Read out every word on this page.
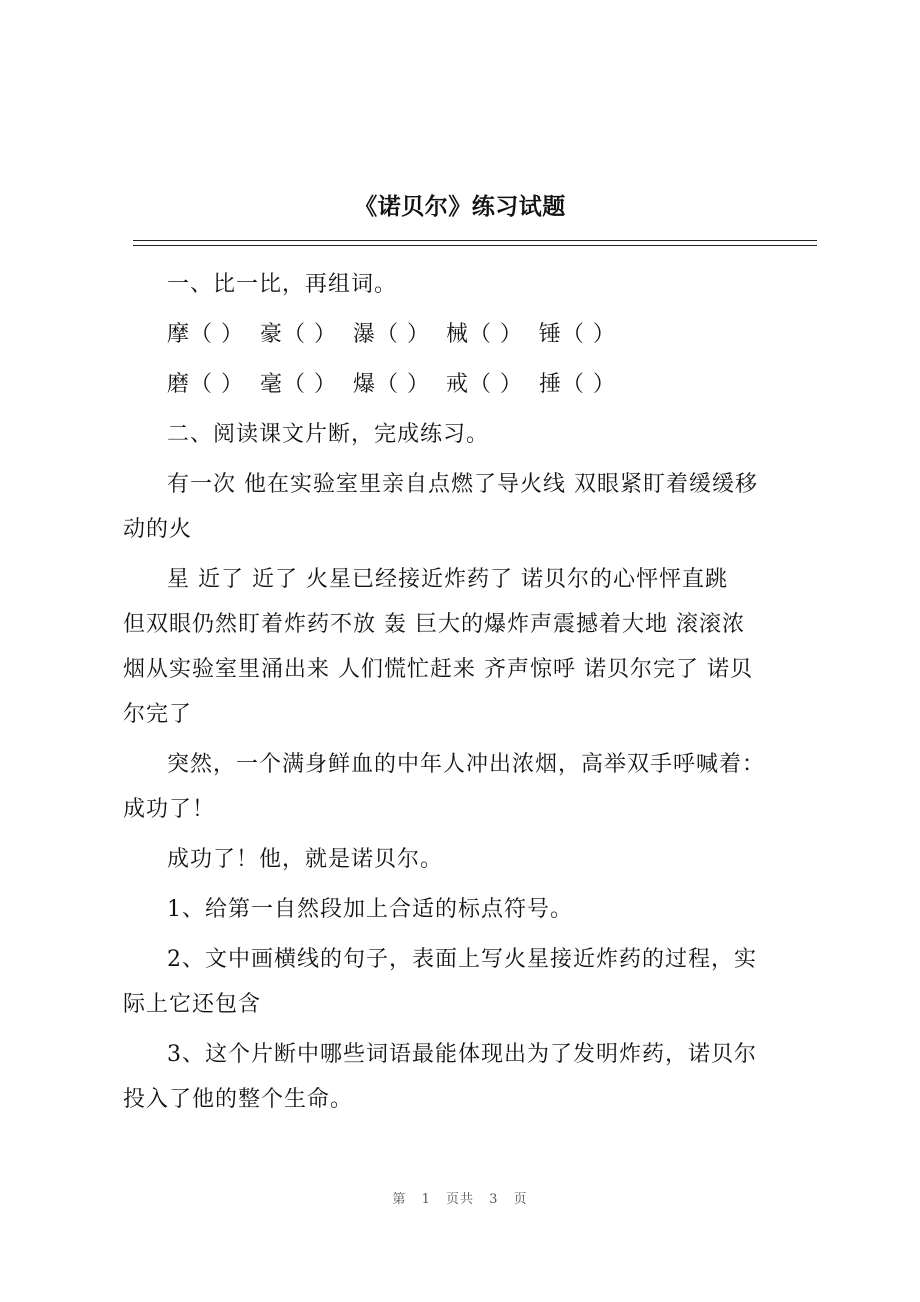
《诺贝尔》练习试题
一、比一比，再组词。
摩（ ）  豪（ ）  瀑（ ）  械（ ）  锤（ ）
磨（ ）  毫（ ）  爆（ ）  戒（ ）  捶（ ）
二、阅读课文片断，完成练习。
有一次 他在实验室里亲自点燃了导火线 双眼紧盯着缓缓移
动的火
星 近了 近了 火星已经接近炸药了 诺贝尔的心怦怦直跳
但双眼仍然盯着炸药不放 轰 巨大的爆炸声震撼着大地 滚滚浓
烟从实验室里涌出来 人们慌忙赶来 齐声惊呼 诺贝尔完了 诺贝
尔完了
突然，一个满身鲜血的中年人冲出浓烟，高举双手呼喊着：
成功了！
成功了！他，就是诺贝尔。
1、给第一自然段加上合适的标点符号。
2、文中画横线的句子，表面上写火星接近炸药的过程，实
际上它还包含
3、这个片断中哪些词语最能体现出为了发明炸药，诺贝尔
投入了他的整个生命。
第 1 页共 3 页
